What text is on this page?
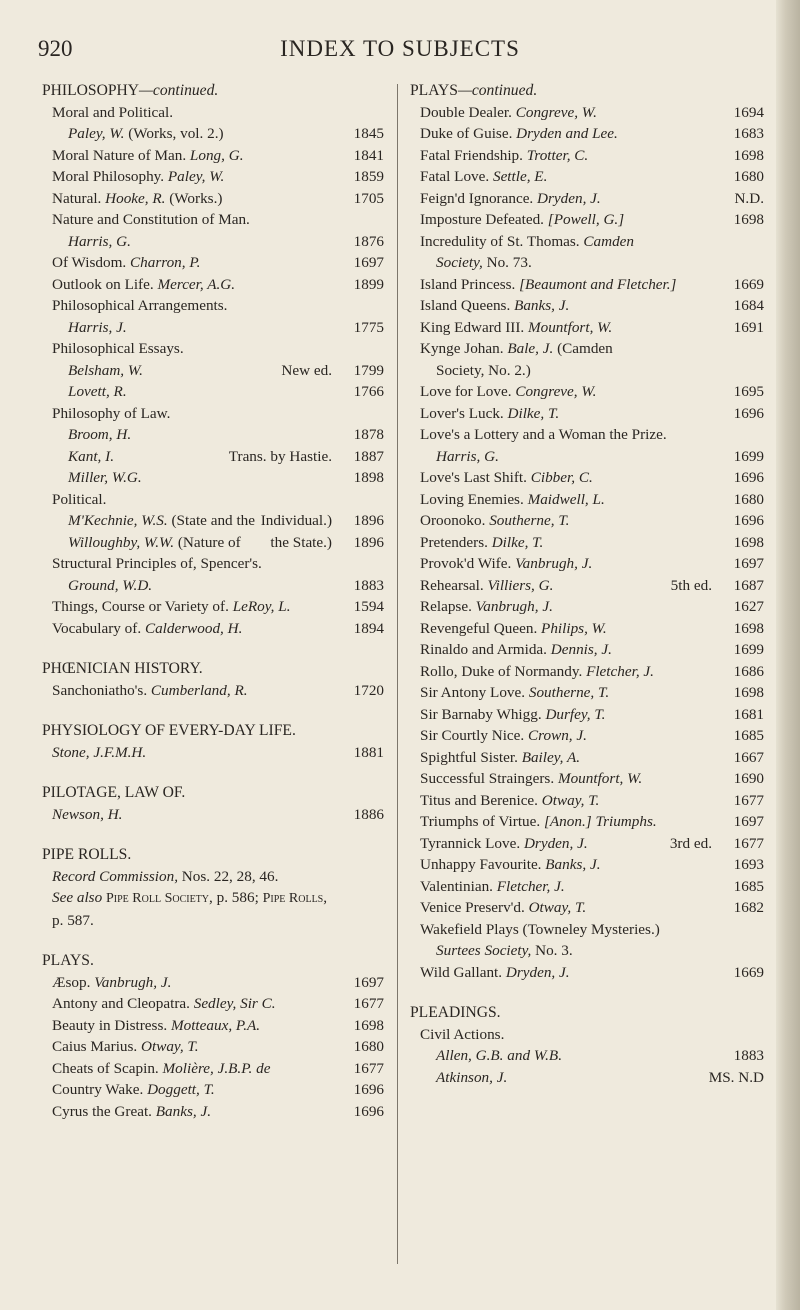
920	INDEX TO SUBJECTS
PHILOSOPHY—continued.
Moral and Political.
Paley, W. (Works, vol. 2.)	1845
Moral Nature of Man. Long, G.	1841
Moral Philosophy. Paley, W.	1859
Natural. Hooke, R. (Works.)	1705
Nature and Constitution of Man.
Harris, G.	1876
Of Wisdom. Charron, P.	1697
Outlook on Life. Mercer, A.G.	1899
Philosophical Arrangements.
Harris, J.	1775
Philosophical Essays.
Belsham, W.	New ed. 1799
Lovett, R.	1766
Philosophy of Law.
Broom, H.	1878
Kant, I.	Trans. by Hastie. 1887
Miller, W.G.	1898
Political.
M'Kechnie, W.S. (State and the Individual.) 1896
Willoughby, W.W. (Nature of	the State.) 1896
Structural Principles of, Spencer's.
Ground, W.D.	1883
Things, Course or Variety of. LeRoy, L.	1594
Vocabulary of. Calderwood, H.	1894
PHŒNICIAN HISTORY.
Sanchoniatho's. Cumberland, R.	1720
PHYSIOLOGY OF EVERY-DAY LIFE.
Stone, J.F.M.H.	1881
PILOTAGE, LAW OF.
Newson, H.	1886
PIPE ROLLS.
Record Commission, Nos. 22, 28, 46.
See also Pipe Roll Society, p. 586; Pipe Rolls, p. 587.
PLAYS.
Æsop. Vanbrugh, J.	1697
Antony and Cleopatra. Sedley, Sir C.	1677
Beauty in Distress. Motteaux, P.A.	1698
Caius Marius. Otway, T.	1680
Cheats of Scapin. Molière, J.B.P. de	1677
Country Wake. Doggett, T.	1696
Cyrus the Great. Banks, J.	1696
PLAYS—continued.
Double Dealer. Congreve, W.	1694
Duke of Guise. Dryden and Lee.	1683
Fatal Friendship. Trotter, C.	1698
Fatal Love. Settle, E.	1680
Feign'd Ignorance. Dryden, J.	N.D.
Imposture Defeated. [Powell, G.]	1698
Incredulity of St. Thomas. Camden
Society, No. 73.
Island Princess. [Beaumont and Fletcher.]	1669
Island Queens. Banks, J.	1684
King Edward III. Mountfort, W.	1691
Kynge Johan. Bale, J. (Camden
Society, No. 2.)
Love for Love. Congreve, W.	1695
Lover's Luck. Dilke, T.	1696
Love's a Lottery and a Woman the Prize.
Harris, G.	1699
Love's Last Shift. Cibber, C.	1696
Loving Enemies. Maidwell, L.	1680
Oroonoko. Southerne, T.	1696
Pretenders. Dilke, T.	1698
Provok'd Wife. Vanbrugh, J.	1697
Rehearsal. Villiers, G.	5th ed. 1687
Relapse. Vanbrugh, J.	1627
Revengeful Queen. Philips, W.	1698
Rinaldo and Armida. Dennis, J.	1699
Rollo, Duke of Normandy. Fletcher, J.	1686
Sir Antony Love. Southerne, T.	1698
Sir Barnaby Whigg. Durfey, T.	1681
Sir Courtly Nice. Crown, J.	1685
Spightful Sister. Bailey, A.	1667
Successful Straingers. Mountfort, W.	1690
Titus and Berenice. Otway, T.	1677
Triumphs of Virtue. [Anon.] Triumphs.	1697
Tyrannick Love. Dryden, J.	3rd ed. 1677
Unhappy Favourite. Banks, J.	1693
Valentinian. Fletcher, J.	1685
Venice Preserv'd. Otway, T.	1682
Wakefield Plays (Towneley Mysteries.)
Surtees Society, No. 3.
Wild Gallant. Dryden, J.	1669
PLEADINGS.
Civil Actions.
Allen, G.B. and W.B.	1883
Atkinson, J.	MS. N.D
